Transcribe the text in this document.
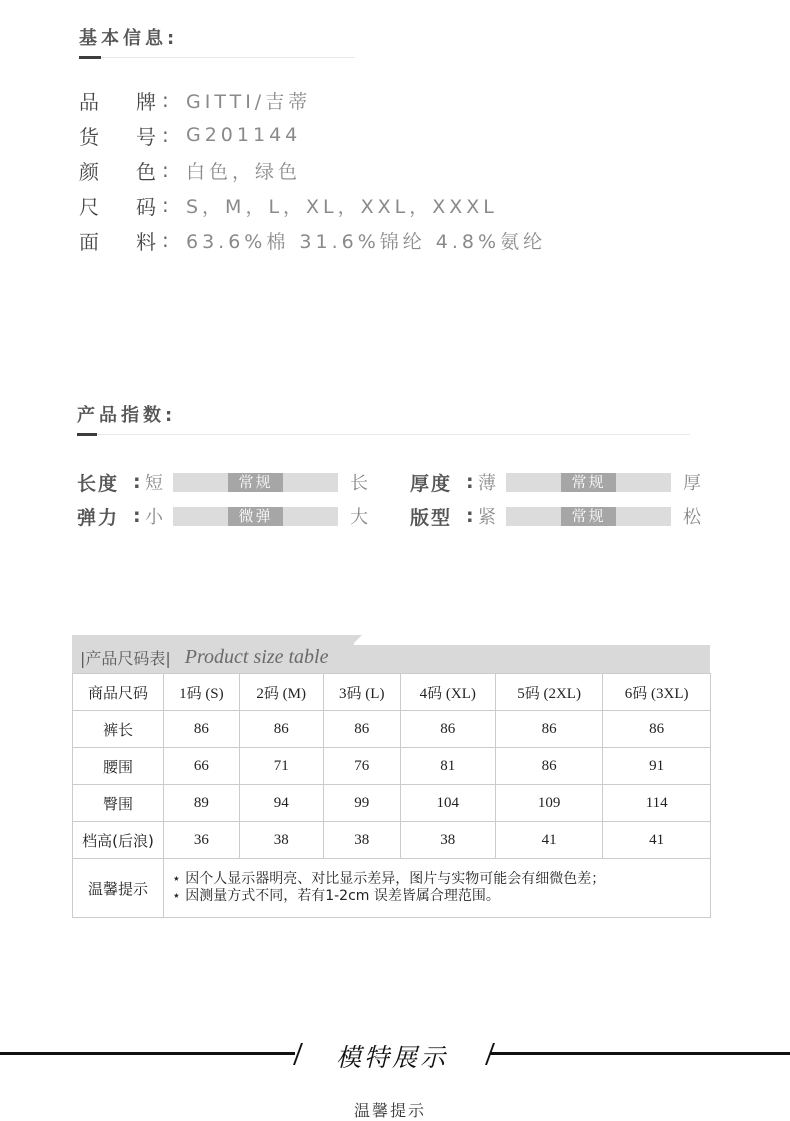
基本信息:
品	牌 : GITTI/吉蒂
货	号 : G201144
颜	色 : 白色，绿色
尺	码 : S，M，L，XL，XXL，XXXL
面	料 : 63.6%棉 31.6%锦纶 4.8%氨纶
产品指数:
长度 : 短	常规	长 厚度 : 薄	常规	厚
弹力 : 小	微弹	大 版型 : 紧	常规	松
|产品尺码表| Product size table
商品尺码	1码 (S)	2码 (M)	3码 (L)	4码 (XL)	5码 (2XL)	6码 (3XL)
裤长	86	86	86	86	86	86
腰围	66	71	76	81	86	91
臀围	89	94	99	104	109	114
档高(后浪)	36	38	38	38	41	41
温馨提示	⋆ 因个人显示器明亮、对比显示差异，图片与实物可能会有细微色差；
⋆ 因测量方式不同，若有1-2cm 误差皆属合理范围。					
模特展示
温馨提示
